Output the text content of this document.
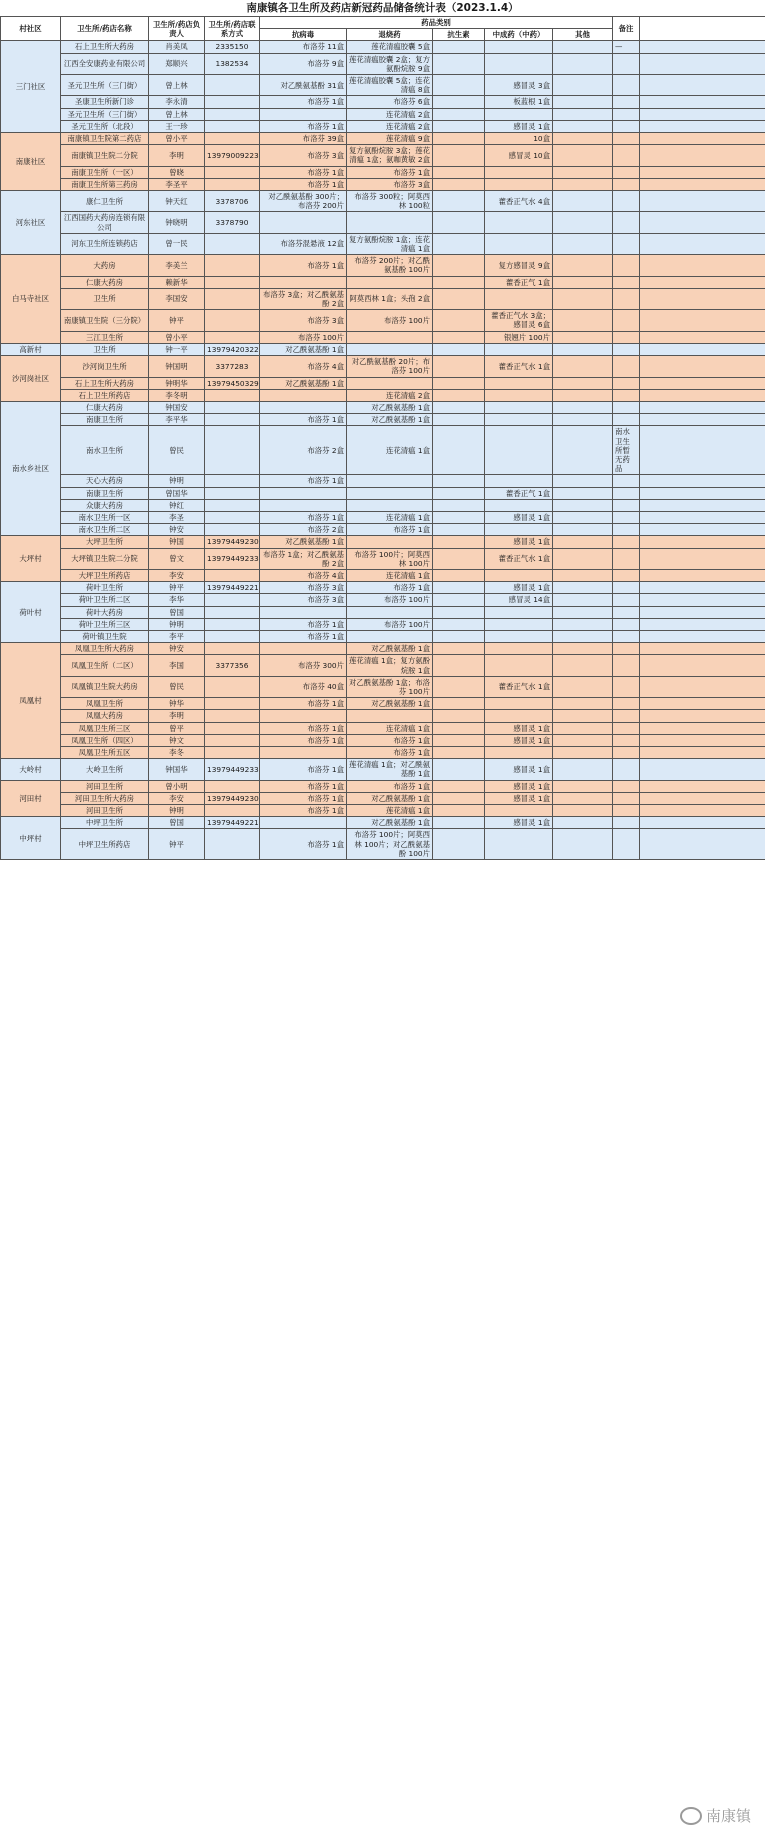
南康镇各卫生所及药店新冠药品储备统计表（2023.1.4）
村社区	卫生所/药店名称	卫生所/药店负责人	卫生所/药店联系方式	药品类别					备注	
				抗病毒	退烧药	抗生素	中成药（中药）	其他		
三门社区	石上卫生所大药房	肖美凤	2335150	布洛芬 11盒	莲花清瘟胶囊 5盒				—	
	江西全安康药业有限公司	郑顺兴	1382534	布洛芬 9盒	莲花清瘟胶囊 2盒；复方氨酚烷胺 9盒					
	圣元卫生所（三门街）	曾上林		对乙酰氨基酚 31盒	莲花清瘟胶囊 5盒；连花清瘟 8盒		感冒灵 3盒			
	圣康卫生所新门诊	李永清		布洛芬 1盒	布洛芬 6盒		板蓝根 1盒			
	圣元卫生所（三门街）	曾上林			连花清瘟 2盒					
	圣元卫生所（北段）	王一珍		布洛芬 1盒	连花清瘟 2盒		感冒灵 1盒			
南康社区	南康镇卫生院第二药店	曾小平		布洛芬 39盒	莲花清瘟 9盒		10盒			
	南康镇卫生院二分院	李明	13979009223	布洛芬 3盒	复方氨酚烷胺 3盒；莲花清瘟 1盒；氨咖黄敏 2盒		感冒灵 10盒			
	南康卫生所（一区）	曾晓		布洛芬 1盒	布洛芬 1盒					
	南康卫生所第三药房	李圣平		布洛芬 1盒	布洛芬 3盒					
河东社区	康仁卫生所	钟天红	3378706	对乙酰氨基酚 300片；布洛芬 200片	布洛芬 300粒；阿莫西林 100粒		藿香正气水 4盒			
	江西国药大药房连锁有限公司	钟晓明	3378790							
	河东卫生所连锁药店	曾一民		布洛芬混悬液 12盒	复方氨酚烷胺 1盒；连花清瘟 1盒					
白马寺社区	大药房	李美兰		布洛芬 1盒	布洛芬 200片；对乙酰氨基酚 100片		复方感冒灵 9盒			
	仁康大药房	赖新华					藿香正气 1盒			
	卫生所	李国安		布洛芬 3盒；对乙酰氨基酚 2盒	阿莫西林 1盒；头孢 2盒					
	南康镇卫生院（三分院）	钟平		布洛芬 3盒	布洛芬 100片		藿香正气水 3盒；感冒灵 6盒			
	三江卫生所	曾小平		布洛芬 100片			银翘片 100片			
高新村	卫生所	钟一平	13979420322	对乙酰氨基酚 1盒						
沙河岗社区	沙河岗卫生所	钟国明	3377283	布洛芬 4盒	对乙酰氨基酚 20片；布洛芬 100片		藿香正气水 1盒			
	石上卫生所大药房	钟明华	13979450329	对乙酰氨基酚 1盒						
	石上卫生所药店	李冬明			连花清瘟 2盒					
南水乡社区	仁康大药房	钟国安			对乙酰氨基酚 1盒					
	南康卫生所	李平华		布洛芬 1盒	对乙酰氨基酚 1盒					
	南水卫生所	曾民		布洛芬 2盒	连花清瘟 1盒				南水卫生所暂无药品	
	天心大药房	钟明		布洛芬 1盒						
	南康卫生所	曾国华					藿香正气 1盒			
	众康大药房	钟红								
	南水卫生所一区	李圣		布洛芬 1盒	连花清瘟 1盒		感冒灵 1盒			
	南水卫生所二区	钟安		布洛芬 2盒	布洛芬 1盒					
大坪村	大坪卫生所	钟国	13979449230	对乙酰氨基酚 1盒			感冒灵 1盒			
	大坪镇卫生院二分院	曾文	13979449233	布洛芬 1盒；对乙酰氨基酚 2盒	布洛芬 100片；阿莫西林 100片		藿香正气水 1盒			
	大坪卫生所药店	李安		布洛芬 4盒	连花清瘟 1盒					
荷叶村	荷叶卫生所	钟平	13979449221	布洛芬 3盒	布洛芬 1盒		感冒灵 1盒			
	荷叶卫生所二区	李华		布洛芬 3盒	布洛芬 100片		感冒灵 14盒			
	荷叶大药房	曾国								
	荷叶卫生所三区	钟明		布洛芬 1盒	布洛芬 100片					
	荷叶镇卫生院	李平		布洛芬 1盒						
凤凰村	凤凰卫生所大药房	钟安			对乙酰氨基酚 1盒					
	凤凰卫生所（二区）	李国	3377356	布洛芬 300片	莲花清瘟 1盒；复方氨酚烷胺 1盒					
	凤凰镇卫生院大药房	曾民		布洛芬 40盒	对乙酰氨基酚 1盒；布洛芬 100片		藿香正气水 1盒			
	凤凰卫生所	钟华		布洛芬 1盒	对乙酰氨基酚 1盒					
	凤凰大药房	李明								
	凤凰卫生所三区	曾平		布洛芬 1盒	连花清瘟 1盒		感冒灵 1盒			
	凤凰卫生所（四区）	钟文		布洛芬 1盒	布洛芬 1盒		感冒灵 1盒			
	凤凰卫生所五区	李冬			布洛芬 1盒					
大岭村	大岭卫生所	钟国华	13979449233	布洛芬 1盒	莲花清瘟 1盒；对乙酰氨基酚 1盒		感冒灵 1盒			
河田村	河田卫生所	曾小明		布洛芬 1盒	布洛芬 1盒		感冒灵 1盒			
	河田卫生所大药房	李安	13979449230	布洛芬 1盒	对乙酰氨基酚 1盒		感冒灵 1盒			
	河田卫生所	钟明		布洛芬 1盒	莲花清瘟 1盒					
中坪村	中坪卫生所	曾国	13979449221		对乙酰氨基酚 1盒		感冒灵 1盒			
	中坪卫生所药店	钟平		布洛芬 1盒	布洛芬 100片；阿莫西林 100片；对乙酰氨基酚 100片					
南康镇
